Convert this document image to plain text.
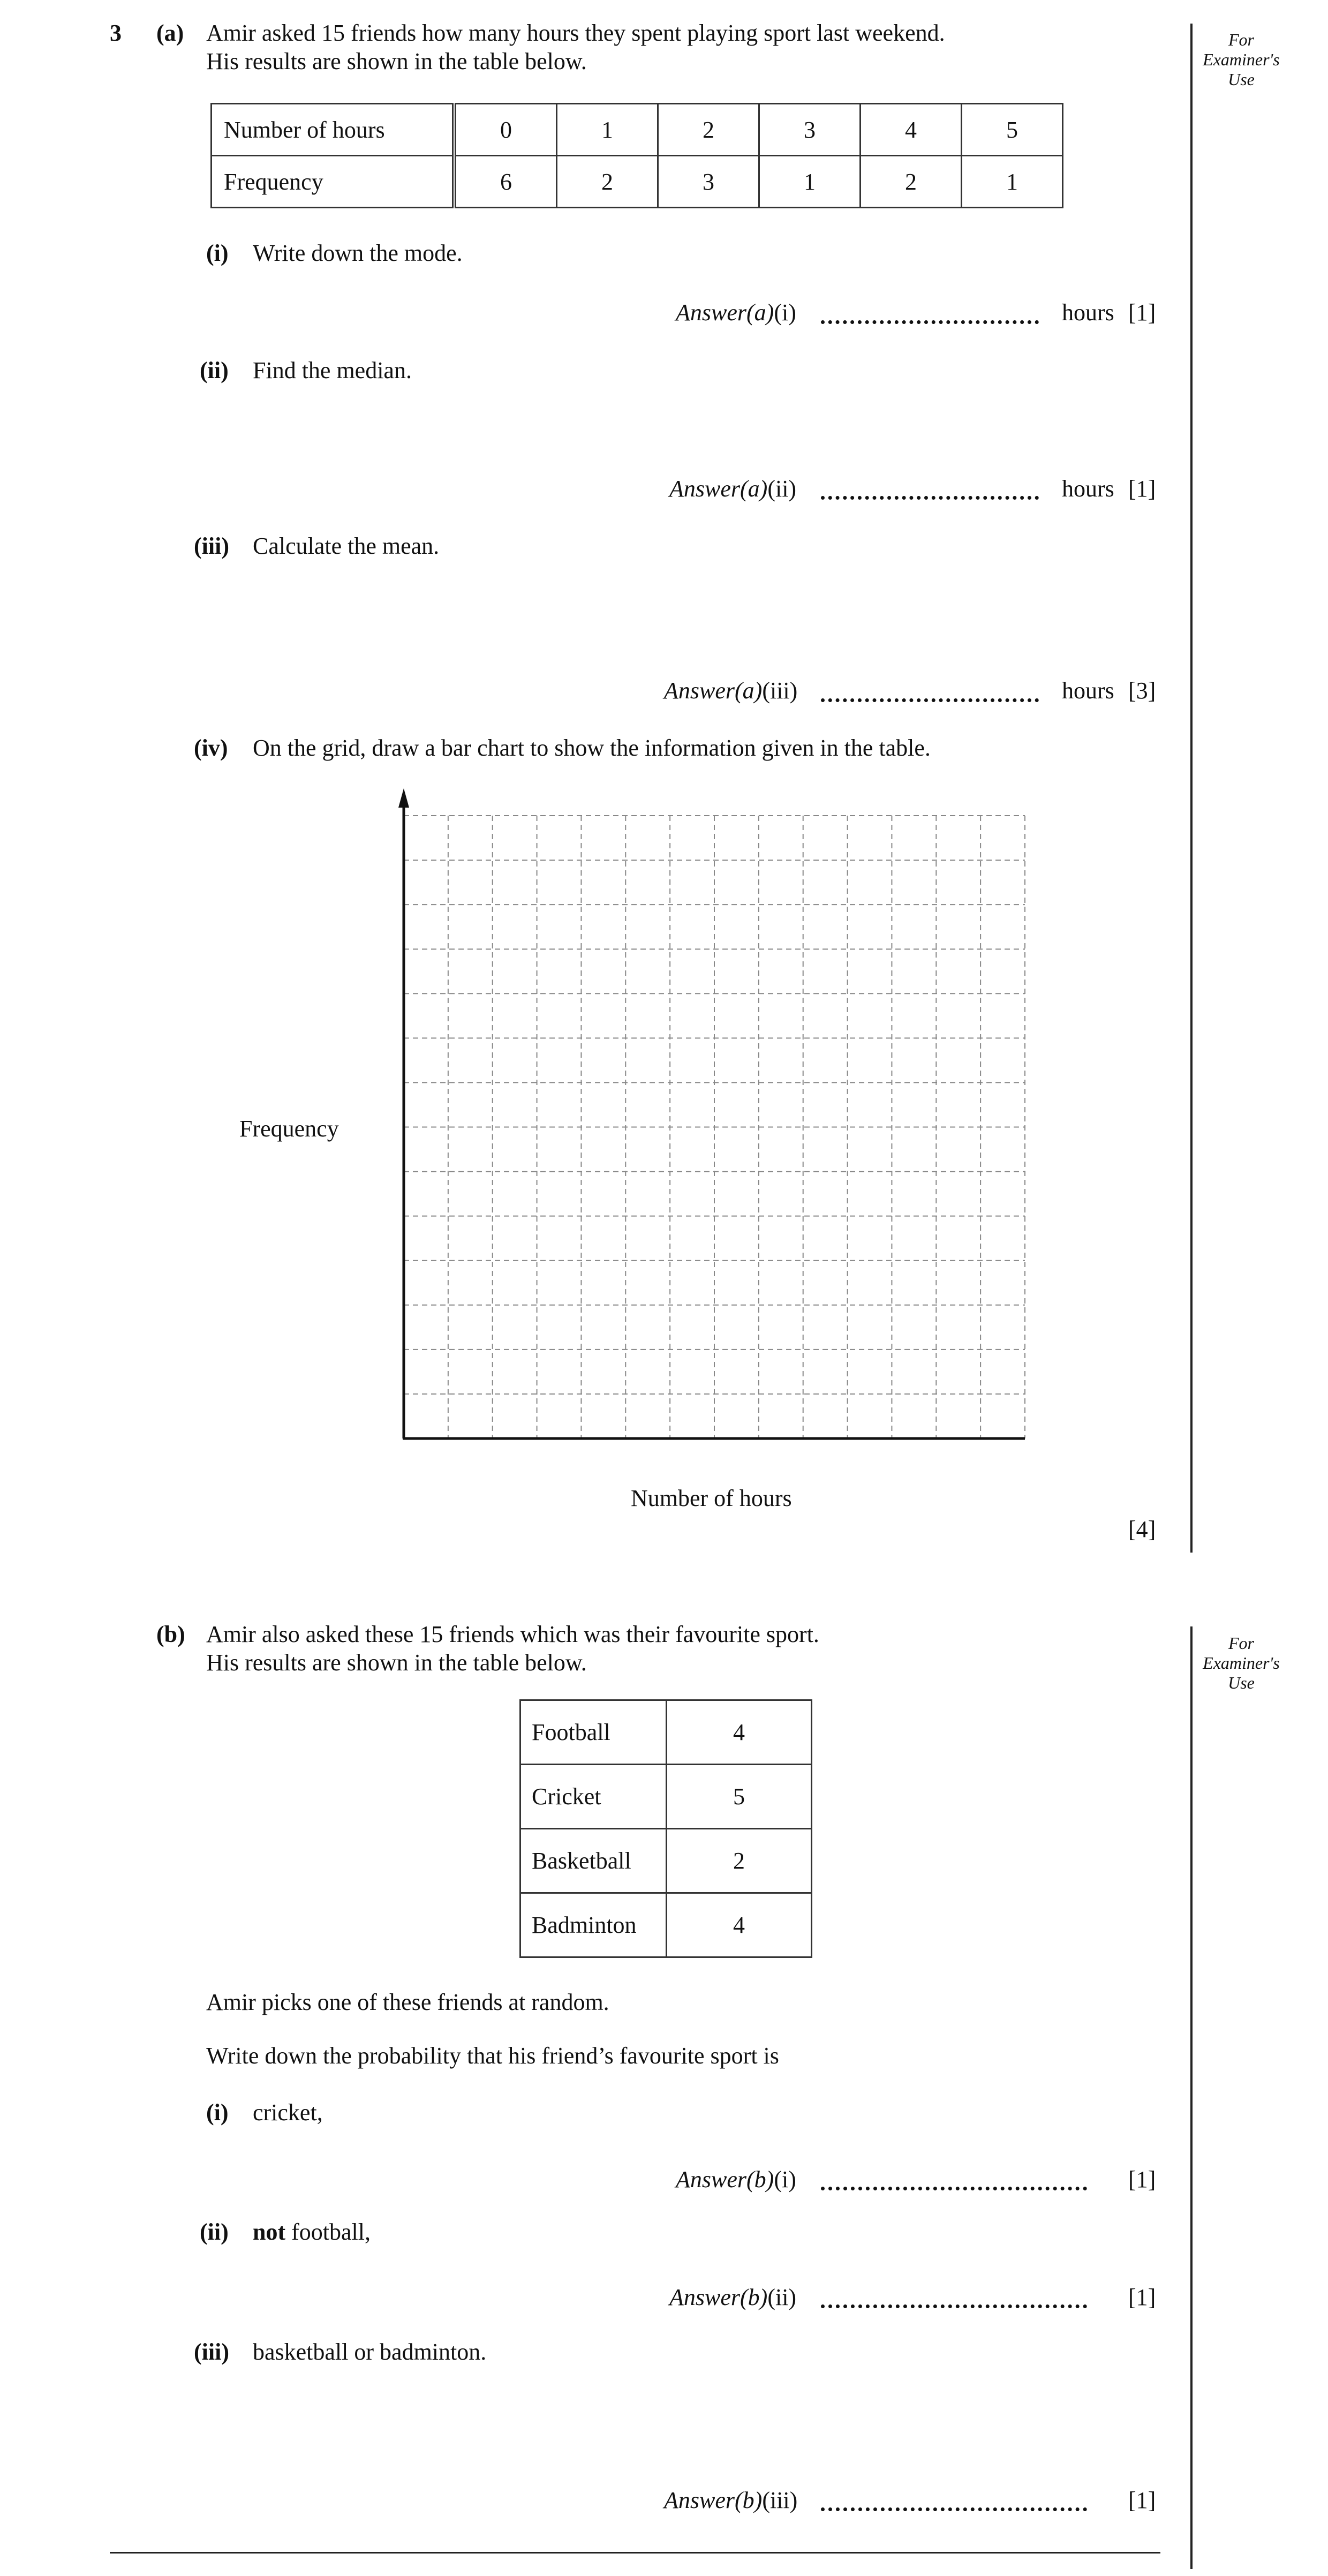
For
Examiner's
Use
For
Examiner's
Use
3 (a) Amir asked 15 friends how many hours they spent playing sport last weekend.
His results are shown in the table below.
Number of hours	0	1	2	3	4	5
Frequency	6	2	3	1	2	1
(i) Write down the mode.
Answer(a)(i)	hours [1]
(ii) Find the median.
Answer(a)(ii)	hours [1]
(iii) Calculate the mean.
Answer(a)(iii)	hours [3]
(iv) On the grid, draw a bar chart to show the information given in the table.
Frequency
Number of hours
[4]
(b) Amir also asked these 15 friends which was their favourite sport.
His results are shown in the table below.
Football	4
Cricket	5
Basketball	2
Badminton	4
Amir picks one of these friends at random.
Write down the probability that his friend’s favourite sport is
(i) cricket,
Answer(b)(i)	[1]
(ii) not football,
Answer(b)(ii)	[1]
(iii) basketball or badminton.
Answer(b)(iii)	[1]
